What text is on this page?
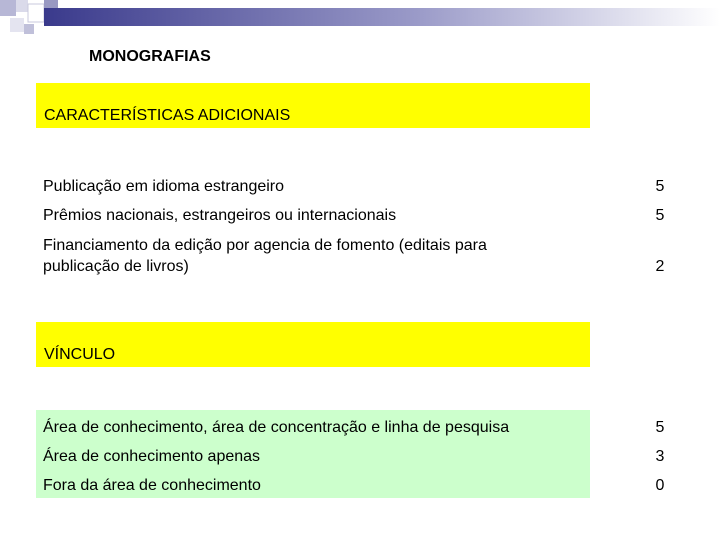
MONOGRAFIAS
CARACTERÍSTICAS ADICIONAIS
Publicação em idioma estrangeiro	5
Prêmios nacionais, estrangeiros ou internacionais	5
Financiamento da edição por agencia de fomento (editais para publicação de livros)	2
VÍNCULO
Área de conhecimento, área de concentração e linha de pesquisa	5
Área de conhecimento apenas	3
Fora da área de conhecimento	0
